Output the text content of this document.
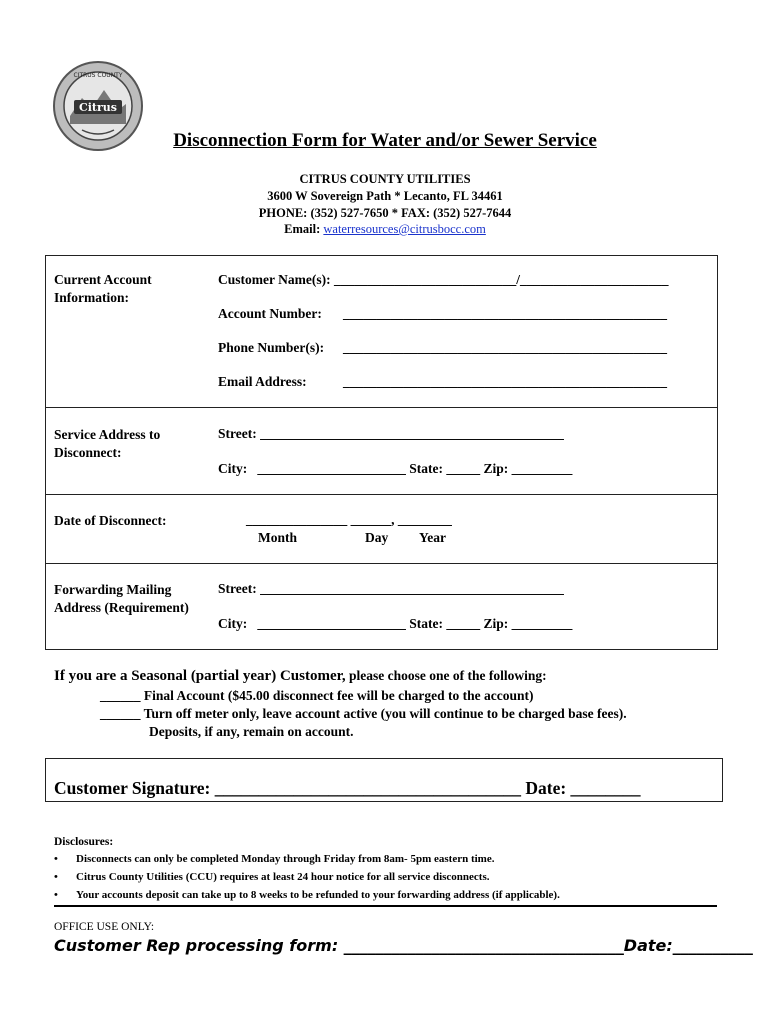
Citrus
CITRUS COUNTY
Disconnection Form for Water and/or Sewer Service
CITRUS COUNTY UTILITIES
3600 W Sovereign Path * Lecanto, FL 34461
PHONE: (352) 527-7650 * FAX: (352) 527-7644
Email: waterresources@citrusbocc.com
Current Account Information:
Customer Name(s): ___________________________/______________________
Account Number: ________________________________________________
Phone Number(s): ________________________________________________
Email Address:	________________________________________________
Service Address to Disconnect:
Street: _____________________________________________
City:   ______________________ State: _____ Zip: _________
Date of Disconnect:	_______________ ______, ________
Month	Day Year
Forwarding Mailing Address (Requirement)
Street: _____________________________________________
City:   ______________________ State: _____ Zip: _________
If you are a Seasonal (partial year) Customer, please choose one of the following:
______ Final Account ($45.00 disconnect fee will be charged to the account)
______ Turn off meter only, leave account active (you will continue to be charged base fees).
Deposits, if any, remain on account.
Customer Signature: ___________________________________ Date: ________
Disclosures:
• Disconnects can only be completed Monday through Friday from 8am- 5pm eastern time.
• Citrus County Utilities (CCU) requires at least 24 hour notice for all service disconnects.
• Your accounts deposit can take up to 8 weeks to be refunded to your forwarding address (if applicable).
OFFICE USE ONLY:
Customer Rep processing form: ___________________________________Date:__________
